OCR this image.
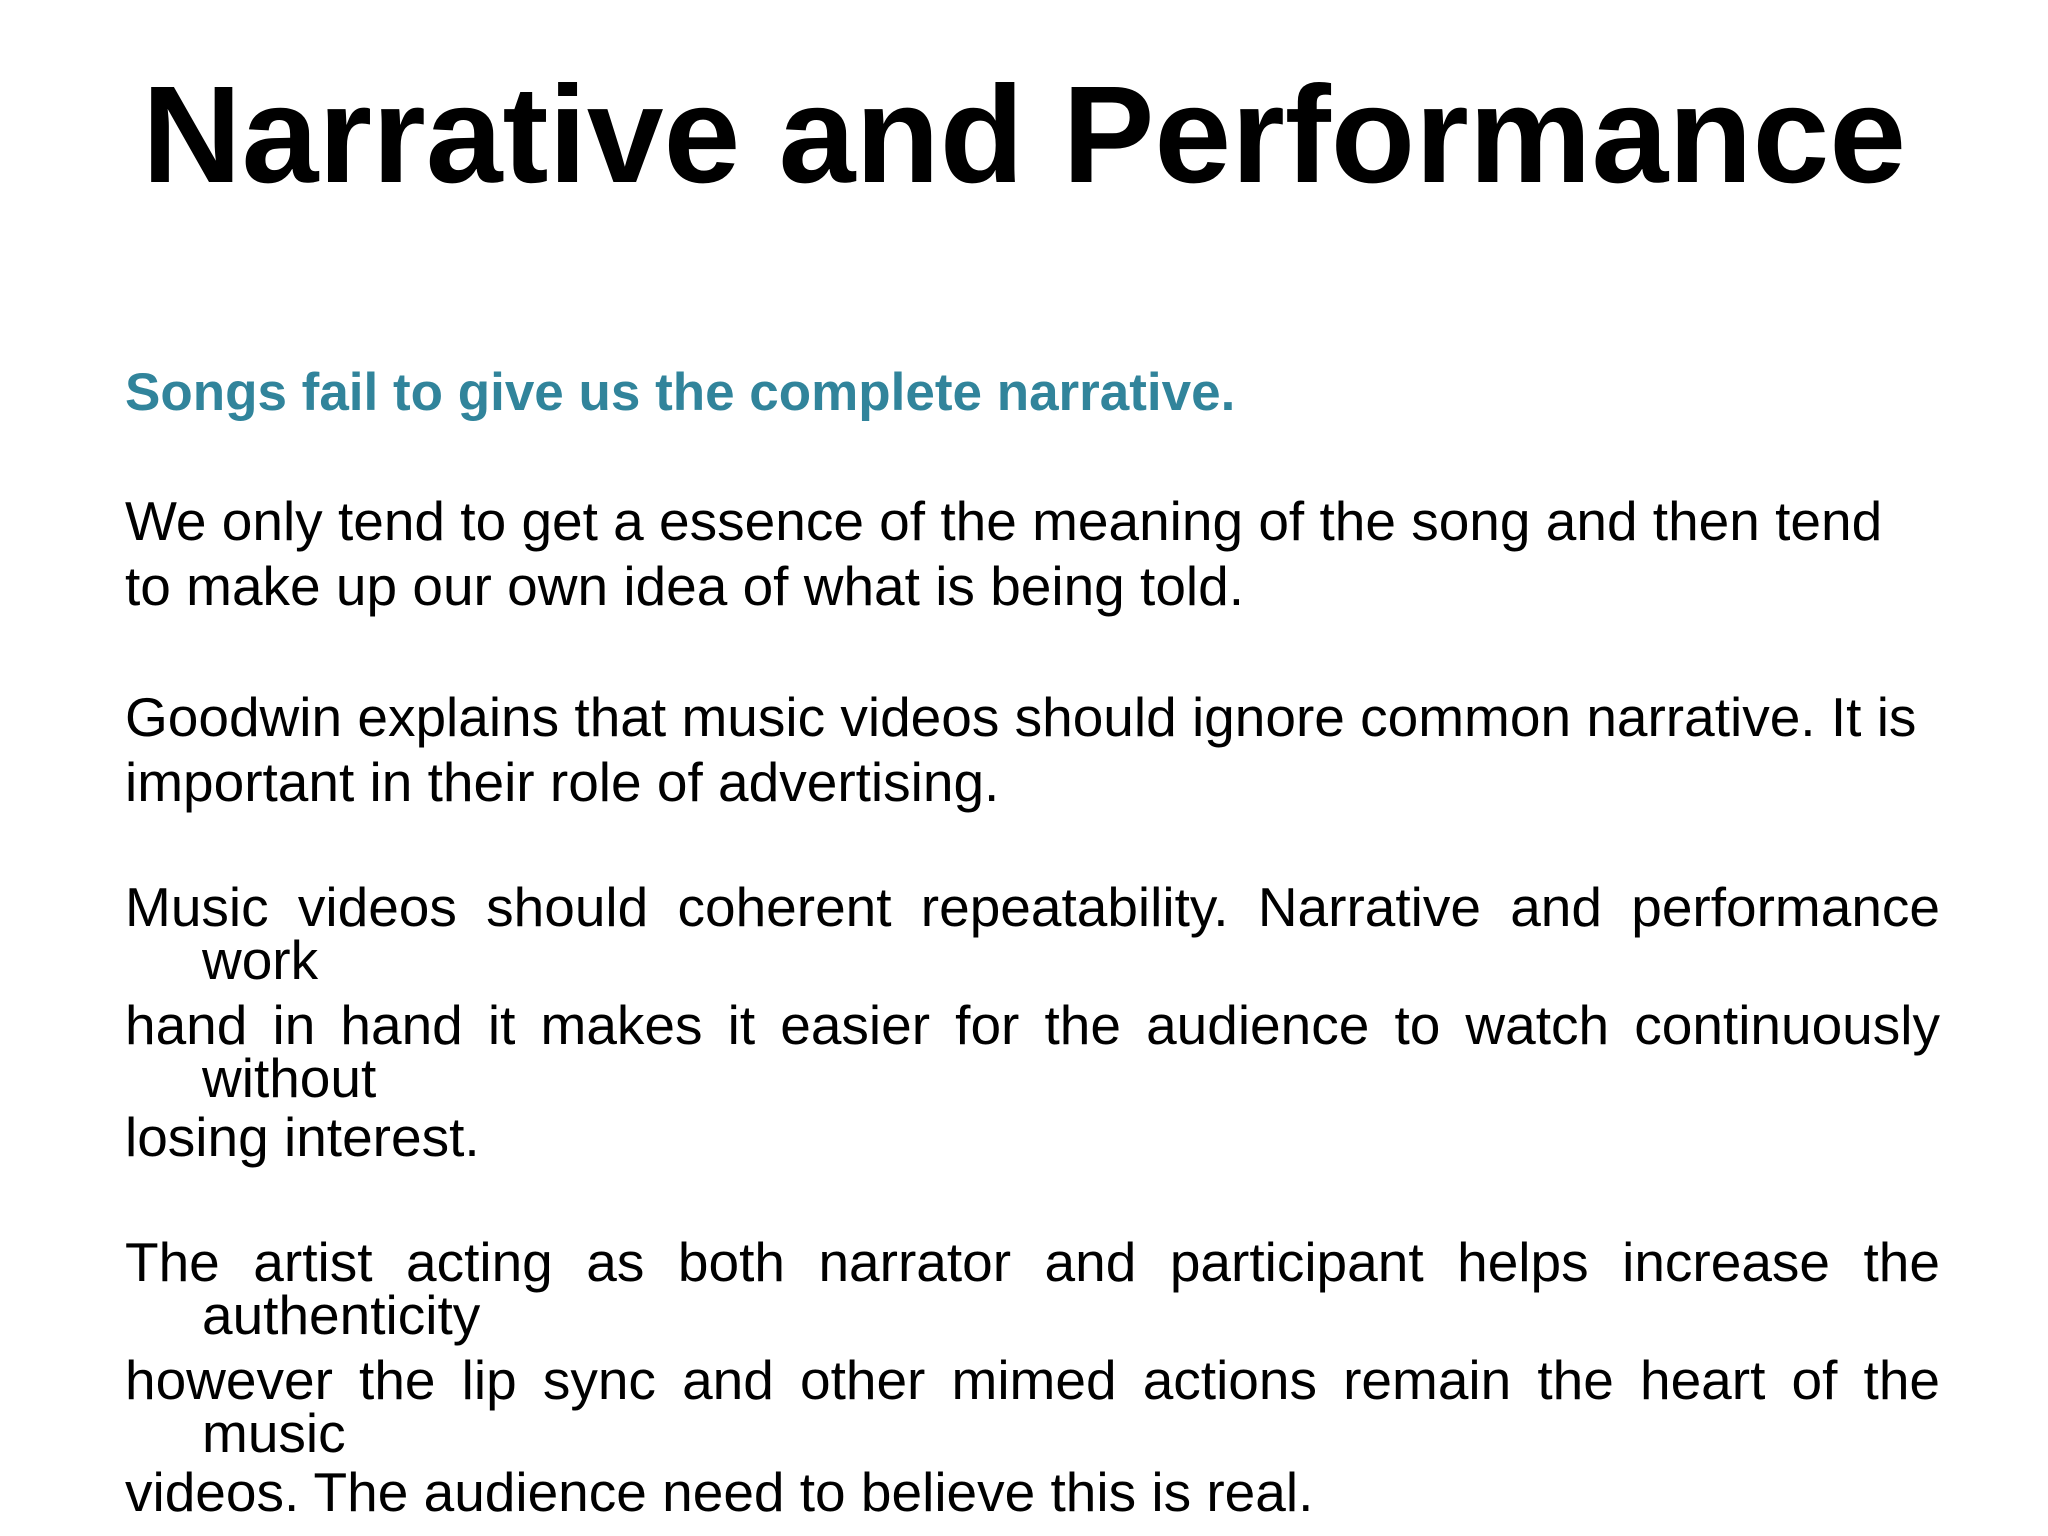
Narrative and Performance
Songs fail to give us the complete narrative.
We only tend to get a essence of the meaning of the song and then tend to make up our own idea of what is being told.
Goodwin explains that music videos should ignore common narrative. It is important in their role of advertising.
Music videos should coherent repeatability. Narrative and performance
work
hand in hand it makes it easier for the audience to watch continuously
without
losing interest.
The artist acting as both narrator and participant helps increase the
authenticity
however the lip sync and other mimed actions remain the heart of the
music
videos. The audience need to believe this is real.
